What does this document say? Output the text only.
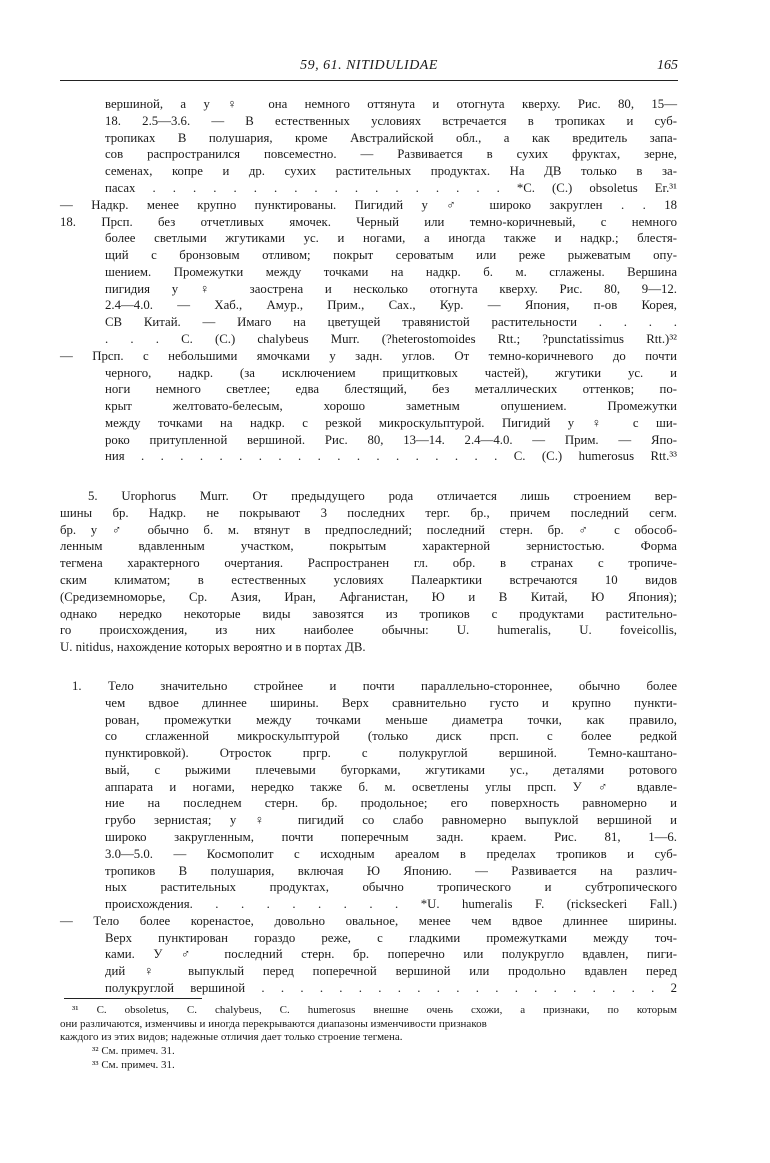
59, 61. NITIDULIDAE	165
вершиной, а у ♀ она немного оттянута и отогнута кверху. Рис. 80, 15—
18. 2.5—3.6. — В естественных условиях встречается в тропиках и суб-
тропиках В полушария, кроме Австралийской обл., а как вредитель запа-
сов распространился повсеместно. — Развивается в сухих фруктах, зерне,
семенах, копре и др. сухих растительных продуктах. На ДВ только в за-
пасах . . . . . . . . . . . . . . . . . . *C. (C.) obsoletus Er.³¹
— Надкр. менее крупно пунктированы. Пигидий у ♂ широко закруглен . . 18
18. Прсп. без отчетливых ямочек. Черный или темно-коричневый, с немного
более светлыми жгутиками ус. и ногами, а иногда также и надкр.; блестя-
щий с бронзовым отливом; покрыт сероватым или реже рыжеватым опу-
шением. Промежутки между точками на надкр. б. м. сглажены. Вершина
пигидия у ♀ заострена и несколько отогнута кверху. Рис. 80, 9—12.
2.4—4.0. — Хаб., Амур., Прим., Сах., Кур. — Япония, п-ов Корея,
СВ Китай. — Имаго на цветущей травянистой растительности . . . .
. . . C. (C.) chalybeus Murr. (?heterostomoides Rtt.; ?punctatissimus Rtt.)³²
— Прсп. с небольшими ямочками у задн. углов. От темно-коричневого до почти
черного, надкр. (за исключением прищитковых частей), жгутики ус. и
ноги немного светлее; едва блестящий, без металлических оттенков; по-
крыт желтовато-белесым, хорошо заметным опушением. Промежутки
между точками на надкр. с резкой микроскульптурой. Пигидий у ♀ с ши-
роко притупленной вершиной. Рис. 80, 13—14. 2.4—4.0. — Прим. — Япо-
ния . . . . . . . . . . . . . . . . . . . C. (C.) humerosus Rtt.³³
5. Urophorus Murr. От предыдущего рода отличается лишь строением вер-
шины бр. Надкр. не покрывают 3 последних терг. бр., причем последний сегм.
бр. у ♂ обычно б. м. втянут в предпоследний; последний стерн. бр. ♂ с обособ-
ленным вдавленным участком, покрытым характерной зернистостью. Форма
тегмена характерного очертания. Распространен гл. обр. в странах с тропиче-
ским климатом; в естественных условиях Палеарктики встречаются 10 видов
(Средиземноморье, Ср. Азия, Иран, Афганистан, Ю и В Китай, Ю Япония);
однако нередко некоторые виды завозятся из тропиков с продуктами растительно-
го происхождения, из них наиболее обычны: U. humeralis, U. foveicollis,
U. nitidus, нахождение которых вероятно и в портах ДВ.
1. Тело значительно стройнее и почти параллельно-стороннее, обычно более
чем вдвое длиннее ширины. Верх сравнительно густо и крупно пункти-
рован, промежутки между точками меньше диаметра точки, как правило,
со сглаженной микроскульптурой (только диск прсп. с более редкой
пунктировкой). Отросток пргр. с полукруглой вершиной. Темно-каштано-
вый, с рыжими плечевыми бугорками, жгутиками ус., деталями ротового
аппарата и ногами, нередко также б. м. осветлены углы прсп. У ♂ вдавле-
ние на последнем стерн. бр. продольное; его поверхность равномерно и
грубо зернистая; у ♀ пигидий со слабо равномерно выпуклой вершиной и
широко закругленным, почти поперечным задн. краем. Рис. 81, 1—6.
3.0—5.0. — Космополит с исходным ареалом в пределах тропиков и суб-
тропиков В полушария, включая Ю Японию. — Развивается на различ-
ных растительных продуктах, обычно тропического и субтропического
происхождения. . . . . . . . . *U. humeralis F. (rickseckeri Fall.)
— Тело более коренастое, довольно овальное, менее чем вдвое длиннее ширины.
Верх пунктирован гораздо реже, с гладкими промежутками между точ-
ками. У ♂ последний стерн. бр. поперечно или полукругло вдавлен, пиги-
дий ♀ выпуклый перед поперечной вершиной или продольно вдавлен перед
полукруглой вершиной . . . . . . . . . . . . . . . . . . . . . 2
³¹ C. obsoletus, C. chalybeus, C. humerosus внешне очень схожи, а признаки, по которым
они различаются, изменчивы и иногда перекрываются диапазоны изменчивости признаков
каждого из этих видов; надежные отличия дает только строение тегмена.
³² См. примеч. 31.
³³ См. примеч. 31.
